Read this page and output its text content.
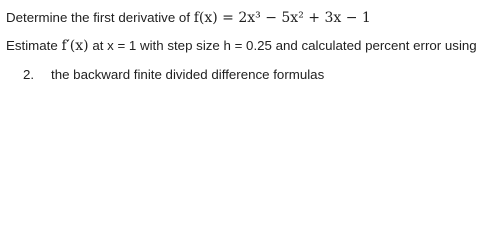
Determine the first derivative of f(x) = 2x³ − 5x² + 3x − 1
Estimate f′(x) at x = 1 with step size h = 0.25 and calculated percent error using
2. the backward finite divided difference formulas
